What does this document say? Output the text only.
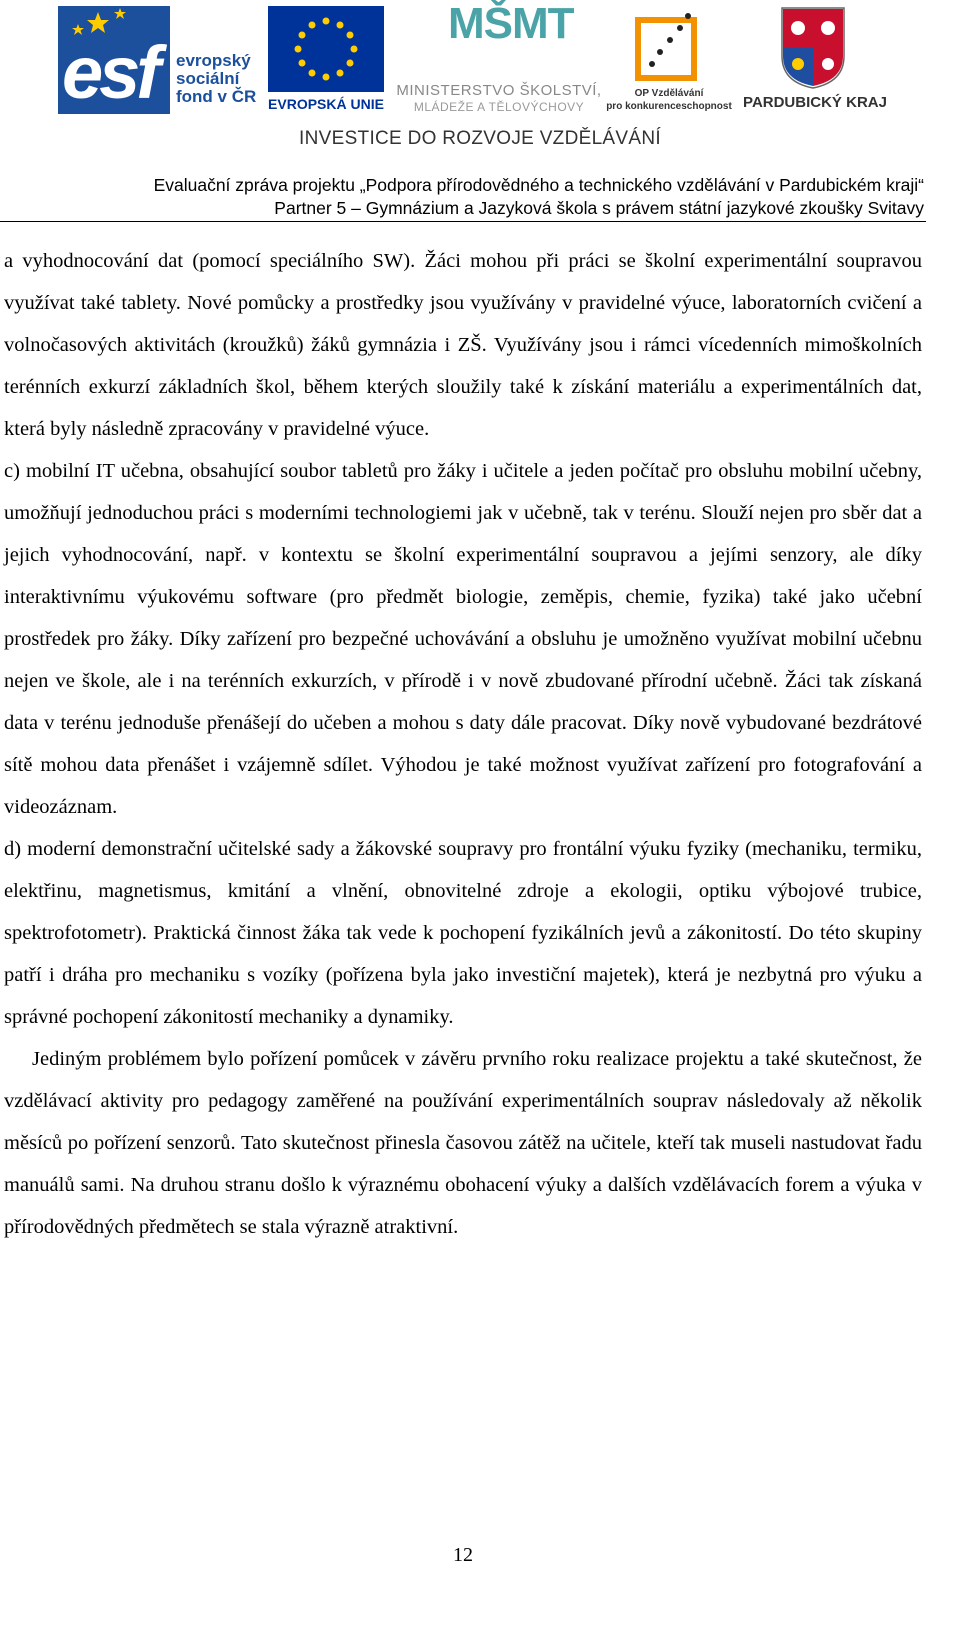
esf evropský
sociální
fond v ČR EVROPSKÁ UNIE
MŠMT
MINISTERSTVO ŠKOLSTVÍ,
MLÁDEŽE A TĚLOVÝCHOVY
OP Vzdělávání
pro konkurenceschopnost PARDUBICKÝ KRAJ
INVESTICE DO ROZVOJE VZDĚLÁVÁNÍ
Evaluační zpráva projektu „Podpora přírodovědného a technického vzdělávání v Pardubickém kraji“
Partner 5 – Gymnázium a Jazyková škola s právem státní jazykové zkoušky Svitavy

a vyhodnocování dat (pomocí speciálního SW). Žáci mohou při práci se školní experimentální soupravou využívat také tablety. Nové pomůcky a prostředky jsou využívány v pravidelné výuce, laboratorních cvičení a volnočasových aktivitách (kroužků) žáků gymnázia i ZŠ. Využívány jsou i rámci vícedenních mimoškolních terénních exkurzí základních škol, během kterých sloužily také k získání materiálu a experimentálních dat, která byly následně zpracovány v pravidelné výuce.

c) mobilní IT učebna, obsahující soubor tabletů pro žáky i učitele a jeden počítač pro obsluhu mobilní učebny, umožňují jednoduchou práci s moderními technologiemi jak v učebně, tak v terénu. Slouží nejen pro sběr dat a jejich vyhodnocování, např. v kontextu se školní experimentální soupravou a jejími senzory, ale díky interaktivnímu výukovému software (pro předmět biologie, zeměpis, chemie, fyzika) také jako učební prostředek pro žáky. Díky zařízení pro bezpečné uchovávání a obsluhu je umožněno využívat mobilní učebnu nejen ve škole, ale i na terénních exkurzích, v přírodě i v nově zbudované přírodní učebně. Žáci tak získaná data v terénu jednoduše přenášejí do učeben a mohou s daty dále pracovat. Díky nově vybudované bezdrátové sítě mohou data přenášet i vzájemně sdílet. Výhodou je také možnost využívat zařízení pro fotografování a videozáznam.

d) moderní demonstrační učitelské sady a žákovské soupravy pro frontální výuku fyziky (mechaniku, termiku, elektřinu, magnetismus, kmitání a vlnění, obnovitelné zdroje a ekologii, optiku výbojové trubice, spektrofotometr). Praktická činnost žáka tak vede k pochopení fyzikálních jevů a zákonitostí. Do této skupiny patří i dráha pro mechaniku s vozíky (pořízena byla jako investiční majetek), která je nezbytná pro výuku a správné pochopení zákonitostí mechaniky a dynamiky.

Jediným problémem bylo pořízení pomůcek v závěru prvního roku realizace projektu a také skutečnost, že vzdělávací aktivity pro pedagogy zaměřené na používání experimentálních souprav následovaly až několik měsíců po pořízení senzorů. Tato skutečnost přinesla časovou zátěž na učitele, kteří tak museli nastudovat řadu manuálů sami. Na druhou stranu došlo k výraznému obohacení výuky a dalších vzdělávacích forem a výuka v přírodovědných předmětech se stala výrazně atraktivní.

12
